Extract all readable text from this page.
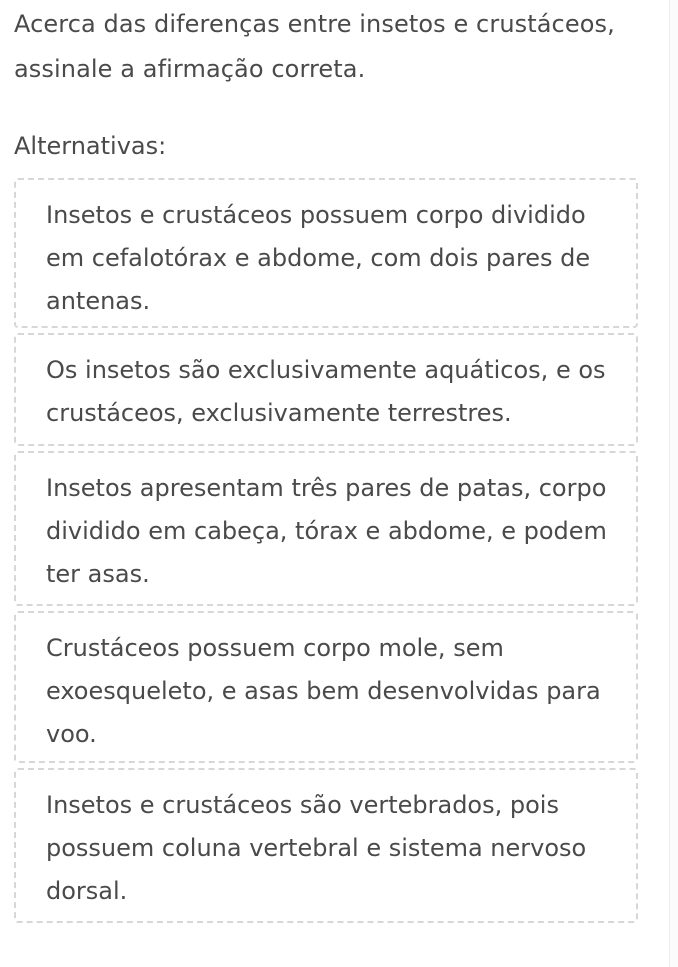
Acerca das diferenças entre insetos e crustáceos, assinale a afirmação correta.

Alternativas:
Insetos e crustáceos possuem corpo dividido em cefalotórax e abdome, com dois pares de antenas.
Os insetos são exclusivamente aquáticos, e os crustáceos, exclusivamente terrestres.
Insetos apresentam três pares de patas, corpo dividido em cabeça, tórax e abdome, e podem ter asas.
Crustáceos possuem corpo mole, sem exoesqueleto, e asas bem desenvolvidas para voo.
Insetos e crustáceos são vertebrados, pois possuem coluna vertebral e sistema nervoso dorsal.
